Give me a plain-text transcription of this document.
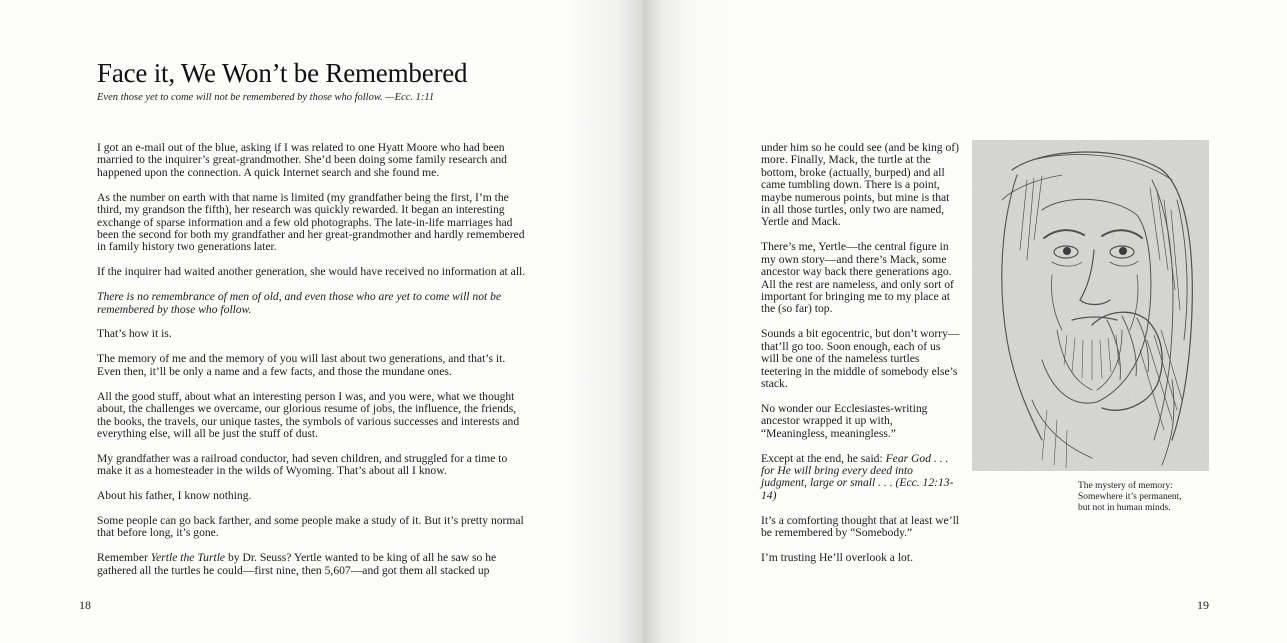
Face it, We Won’t be Remembered
Even those yet to come will not be remembered by those who follow. —Ecc. 1:11

I got an e-mail out of the blue, asking if I was related to one Hyatt Moore who had been married to the inquirer’s great-grandmother. She’d been doing some family research and happened upon the connection. A quick Internet search and she found me.

As the number on earth with that name is limited (my grandfather being the first, I’m the third, my grandson the fifth), her research was quickly rewarded. It began an interesting exchange of sparse information and a few old photographs. The late-in-life marriages had been the second for both my grandfather and her great-grandmother and hardly remembered in family history two generations later.

If the inquirer had waited another generation, she would have received no information at all.

There is no remembrance of men of old, and even those who are yet to come will not be remembered by those who follow.

That’s how it is.

The memory of me and the memory of you will last about two generations, and that’s it. Even then, it’ll be only a name and a few facts, and those the mundane ones.

All the good stuff, about what an interesting person I was, and you were, what we thought about, the challenges we overcame, our glorious resume of jobs, the influence, the friends, the books, the travels, our unique tastes, the symbols of various successes and interests and everything else, will all be just the stuff of dust.

My grandfather was a railroad conductor, had seven children, and struggled for a time to make it as a homesteader in the wilds of Wyoming. That’s about all I know.

About his father, I know nothing.

Some people can go back farther, and some people make a study of it. But it’s pretty normal that before long, it’s gone.

Remember Yertle the Turtle by Dr. Seuss? Yertle wanted to be king of all he saw so he gathered all the turtles he could—first nine, then 5,607—and got them all stacked up

18

under him so he could see (and be king of) more. Finally, Mack, the turtle at the bottom, broke (actually, burped) and all came tumbling down. There is a point, maybe numerous points, but mine is that in all those turtles, only two are named, Yertle and Mack.

There’s me, Yertle—the central figure in my own story—and there’s Mack, some ancestor way back there generations ago. All the rest are nameless, and only sort of important for bringing me to my place at the (so far) top.

Sounds a bit egocentric, but don’t worry—that’ll go too. Soon enough, each of us will be one of the nameless turtles teetering in the middle of somebody else’s stack.

No wonder our Ecclesiastes-writing ancestor wrapped it up with, “Meaningless, meaningless.”

Except at the end, he said: Fear God . . . for He will bring every deed into judgment, large or small . . . (Ecc. 12:13-14)

It’s a comforting thought that at least we’ll be remembered by “Somebody.”

I’m trusting He’ll overlook a lot.

The mystery of memory:
Somewhere it’s permanent,
but not in human minds.
19
